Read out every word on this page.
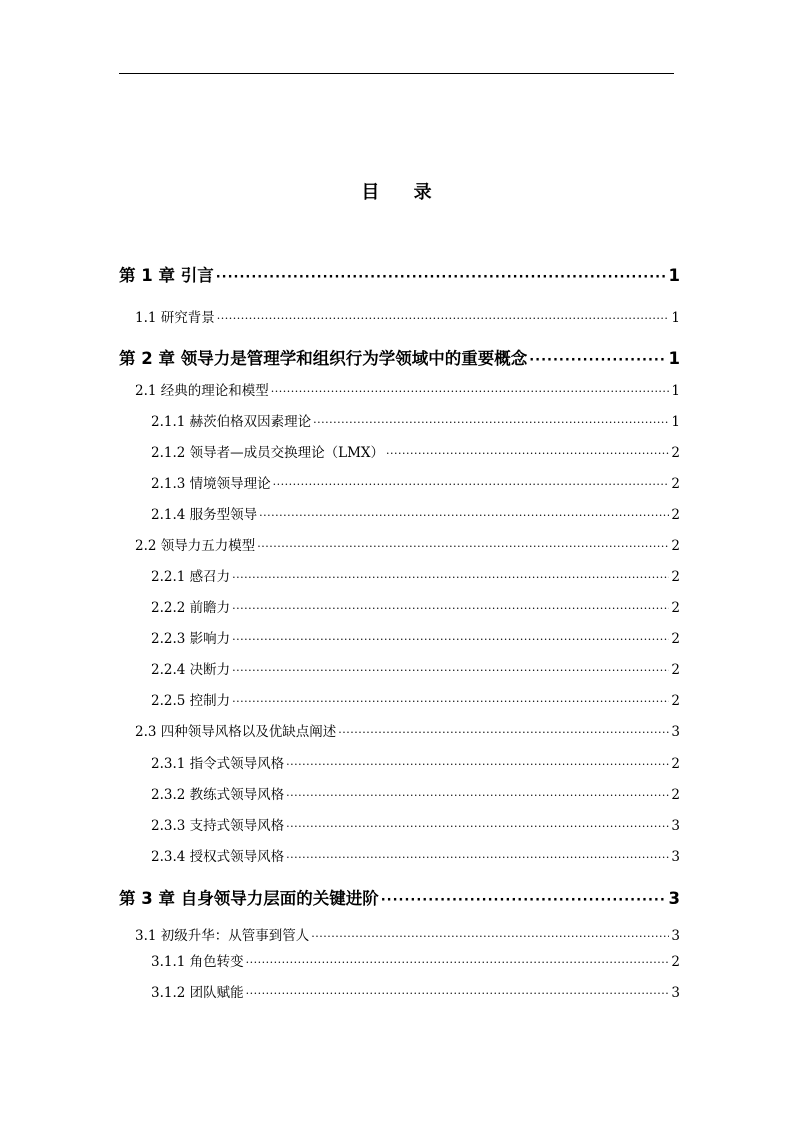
目 录
第 1 章 引言 ·····	1
1.1 研究背景 ·····	1
第 2 章 领导力是管理学和组织行为学领域中的重要概念 ·····	1
2.1 经典的理论和模型 ·····	1
2.1.1 赫茨伯格双因素理论 ·····	1
2.1.2 领导者—成员交换理论（LMX） ·····	2
2.1.3 情境领导理论 ·····	2
2.1.4 服务型领导 ·····	2
2.2 领导力五力模型 ·····	2
2.2.1 感召力 ·····	2
2.2.2 前瞻力 ·····	2
2.2.3 影响力 ·····	2
2.2.4 决断力 ·····	2
2.2.5 控制力 ·····	2
2.3 四种领导风格以及优缺点阐述 ·····	3
2.3.1 指令式领导风格 ·····	2
2.3.2 教练式领导风格 ·····	2
2.3.3 支持式领导风格 ·····	3
2.3.4 授权式领导风格 ·····	3
第 3 章 自身领导力层面的关键进阶 ·····	3
3.1 初级升华：从管事到管人 ·····	3
3.1.1 角色转变 ·····	2
3.1.2 团队赋能 ·····	3
